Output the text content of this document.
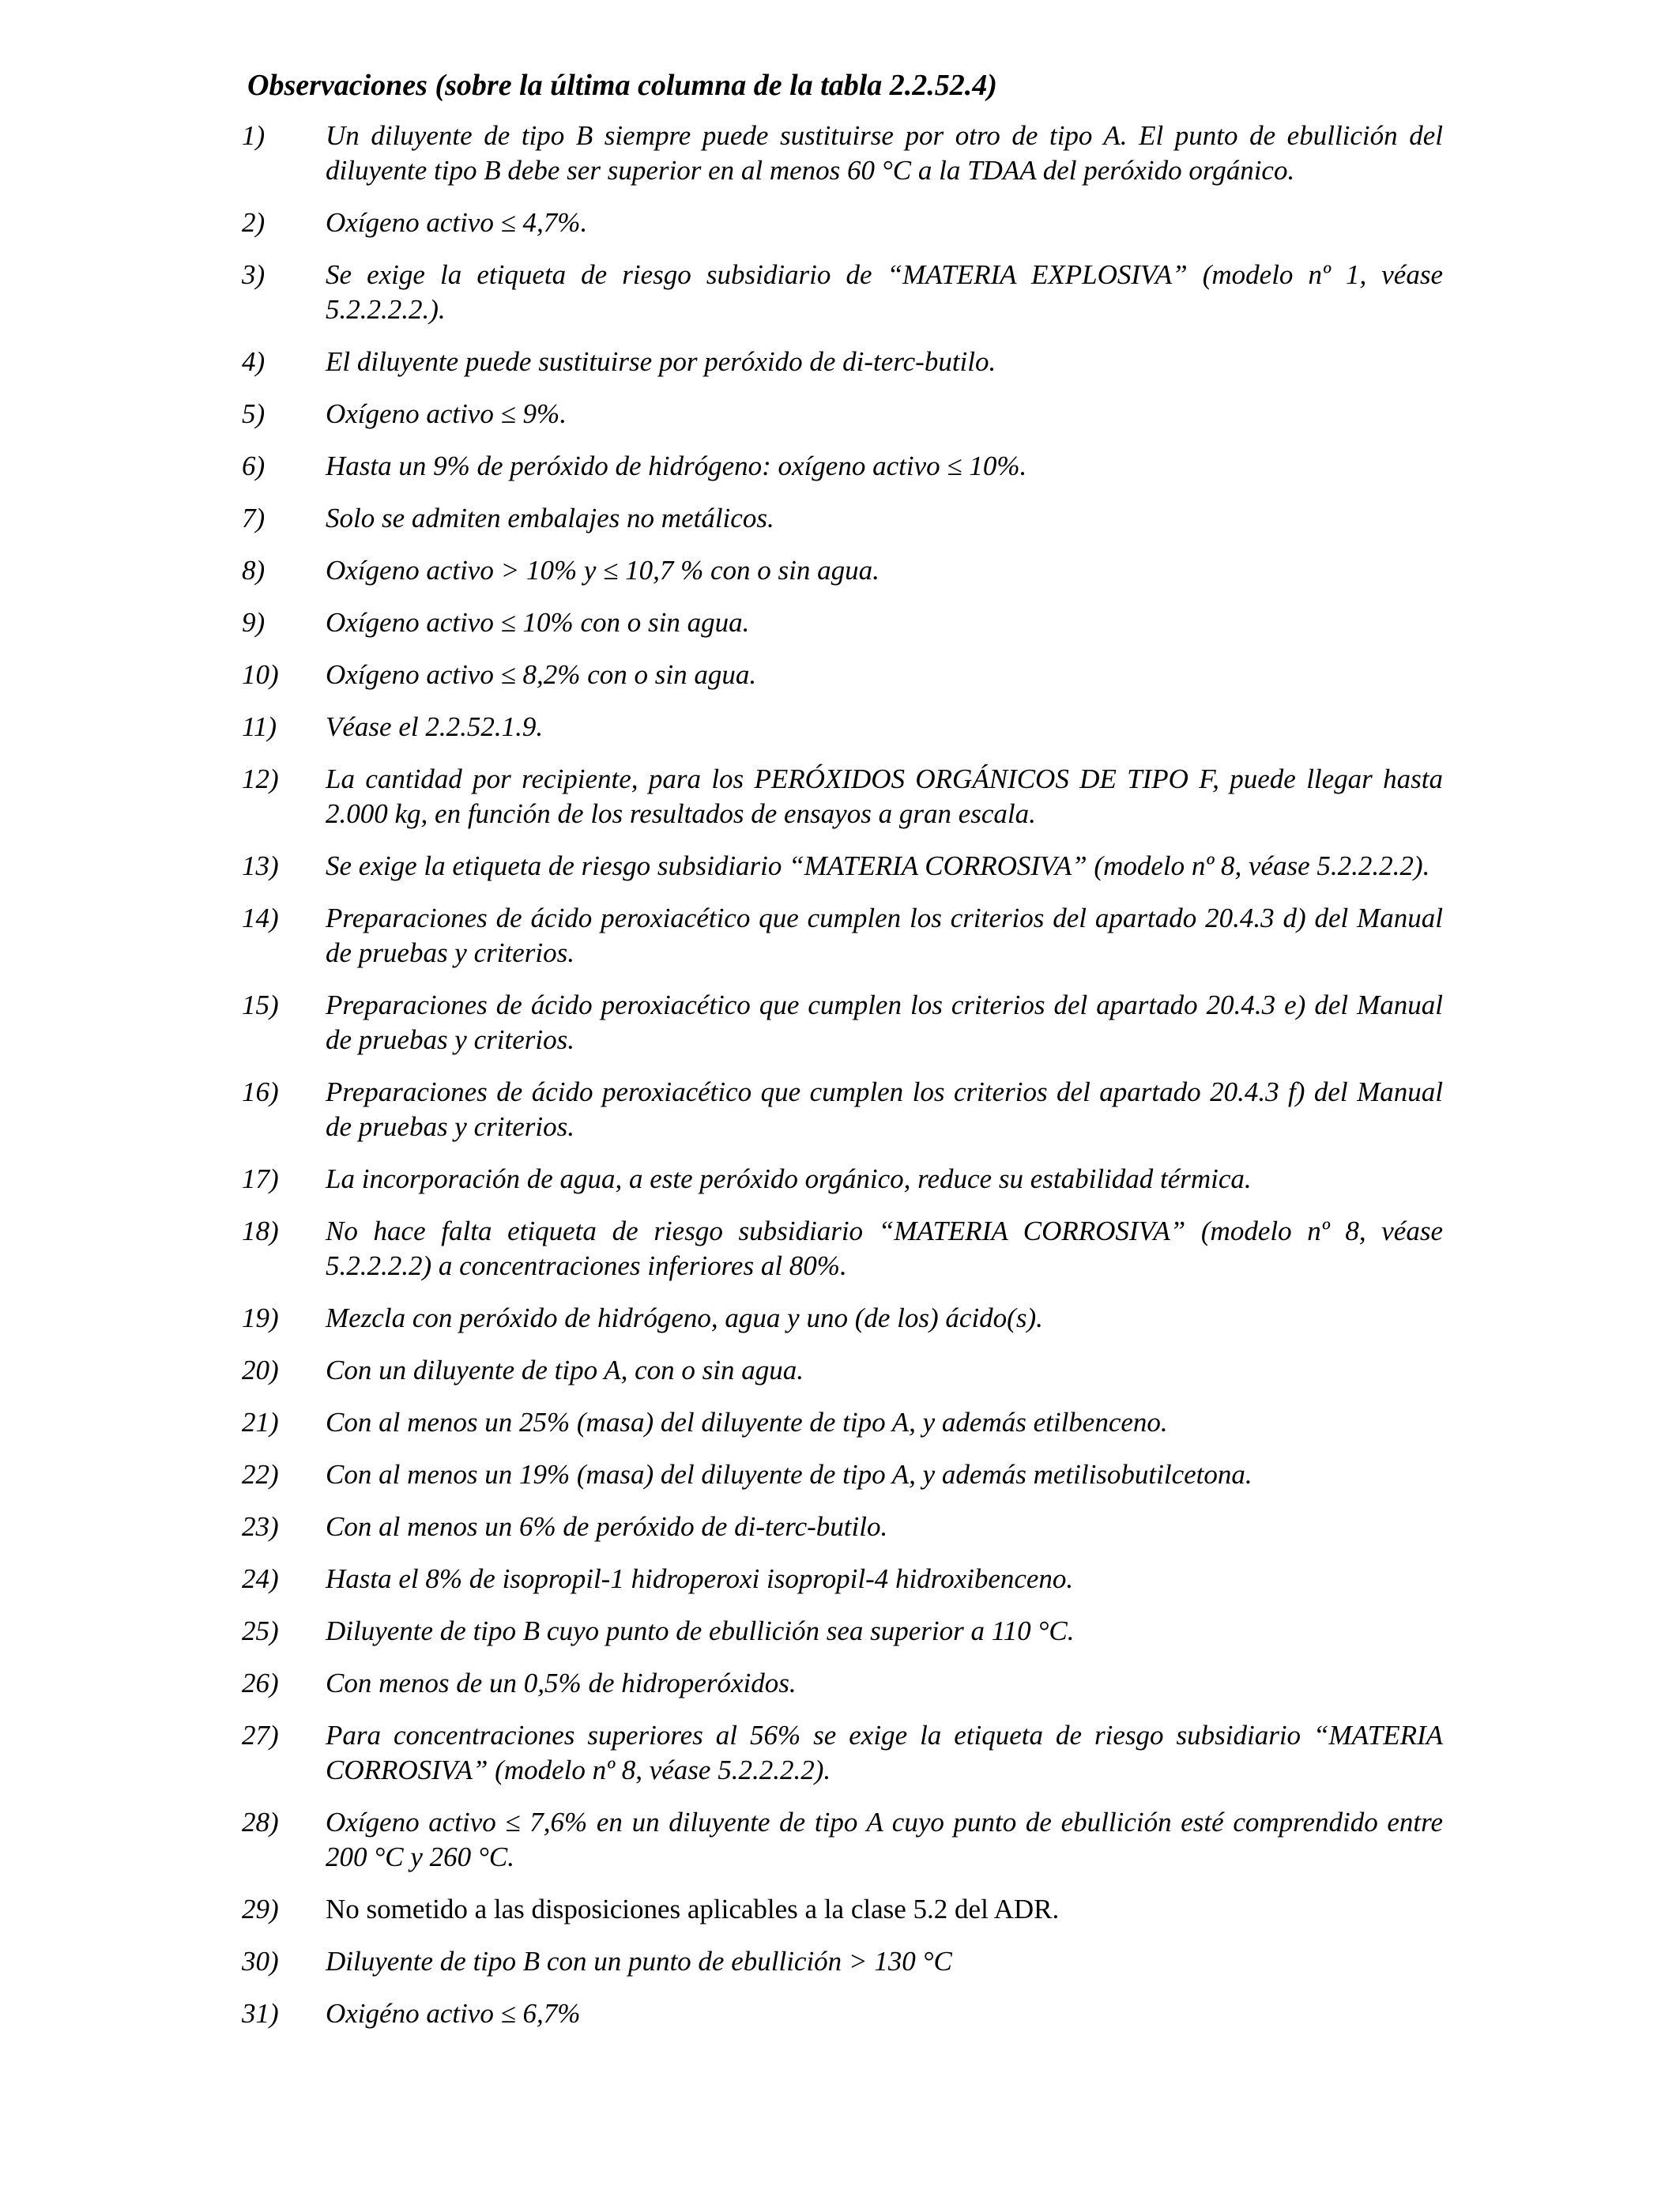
Observaciones (sobre la última columna de la tabla 2.2.52.4)
1)	Un diluyente de tipo B siempre puede sustituirse por otro de tipo A. El punto de ebullición del diluyente tipo B debe ser superior en al menos 60 °C a la TDAA del peróxido orgánico.
2)	Oxígeno activo ≤ 4,7%.
3)	Se exige la etiqueta de riesgo subsidiario de “MATERIA EXPLOSIVA” (modelo nº 1, véase 5.2.2.2.2.).
4)	El diluyente puede sustituirse por peróxido de di-terc-butilo.
5)	Oxígeno activo ≤ 9%.
6)	Hasta un 9% de peróxido de hidrógeno: oxígeno activo ≤ 10%.
7)	Solo se admiten embalajes no metálicos.
8)	Oxígeno activo > 10% y ≤ 10,7 % con o sin agua.
9)	Oxígeno activo ≤ 10% con o sin agua.
10)	Oxígeno activo ≤ 8,2% con o sin agua.
11)	Véase el 2.2.52.1.9.
12)	La cantidad por recipiente, para los PERÓXIDOS ORGÁNICOS DE TIPO F, puede llegar hasta 2.000 kg, en función de los resultados de ensayos a gran escala.
13)	Se exige la etiqueta de riesgo subsidiario “MATERIA CORROSIVA” (modelo nº 8, véase 5.2.2.2.2).
14)	Preparaciones de ácido peroxiacético que cumplen los criterios del apartado 20.4.3 d) del Manual de pruebas y criterios.
15)	Preparaciones de ácido peroxiacético que cumplen los criterios del apartado 20.4.3 e) del Manual de pruebas y criterios.
16)	Preparaciones de ácido peroxiacético que cumplen los criterios del apartado 20.4.3 f) del Manual de pruebas y criterios.
17)	La incorporación de agua, a este peróxido orgánico, reduce su estabilidad térmica.
18)	No hace falta etiqueta de riesgo subsidiario “MATERIA CORROSIVA” (modelo nº 8, véase 5.2.2.2.2) a concentraciones inferiores al 80%.
19)	Mezcla con peróxido de hidrógeno, agua y uno (de los) ácido(s).
20)	Con un diluyente de tipo A, con o sin agua.
21)	Con al menos un 25% (masa) del diluyente de tipo A, y además etilbenceno.
22)	Con al menos un 19% (masa) del diluyente de tipo A, y además metilisobutilcetona.
23)	Con al menos un 6% de peróxido de di-terc-butilo.
24)	Hasta el 8% de isopropil-1 hidroperoxi isopropil-4 hidroxibenceno.
25)	Diluyente de tipo B cuyo punto de ebullición sea superior a 110 °C.
26)	Con menos de un 0,5% de hidroperóxidos.
27)	Para concentraciones superiores al 56% se exige la etiqueta de riesgo subsidiario “MATERIA CORROSIVA” (modelo nº 8, véase 5.2.2.2.2).
28)	Oxígeno activo ≤ 7,6% en un diluyente de tipo A cuyo punto de ebullición esté comprendido entre 200 °C y 260 °C.
29)	No sometido a las disposiciones aplicables a la clase 5.2 del ADR.
30)	Diluyente de tipo B con un punto de ebullición > 130 °C
31)	Oxigéno activo ≤ 6,7%
